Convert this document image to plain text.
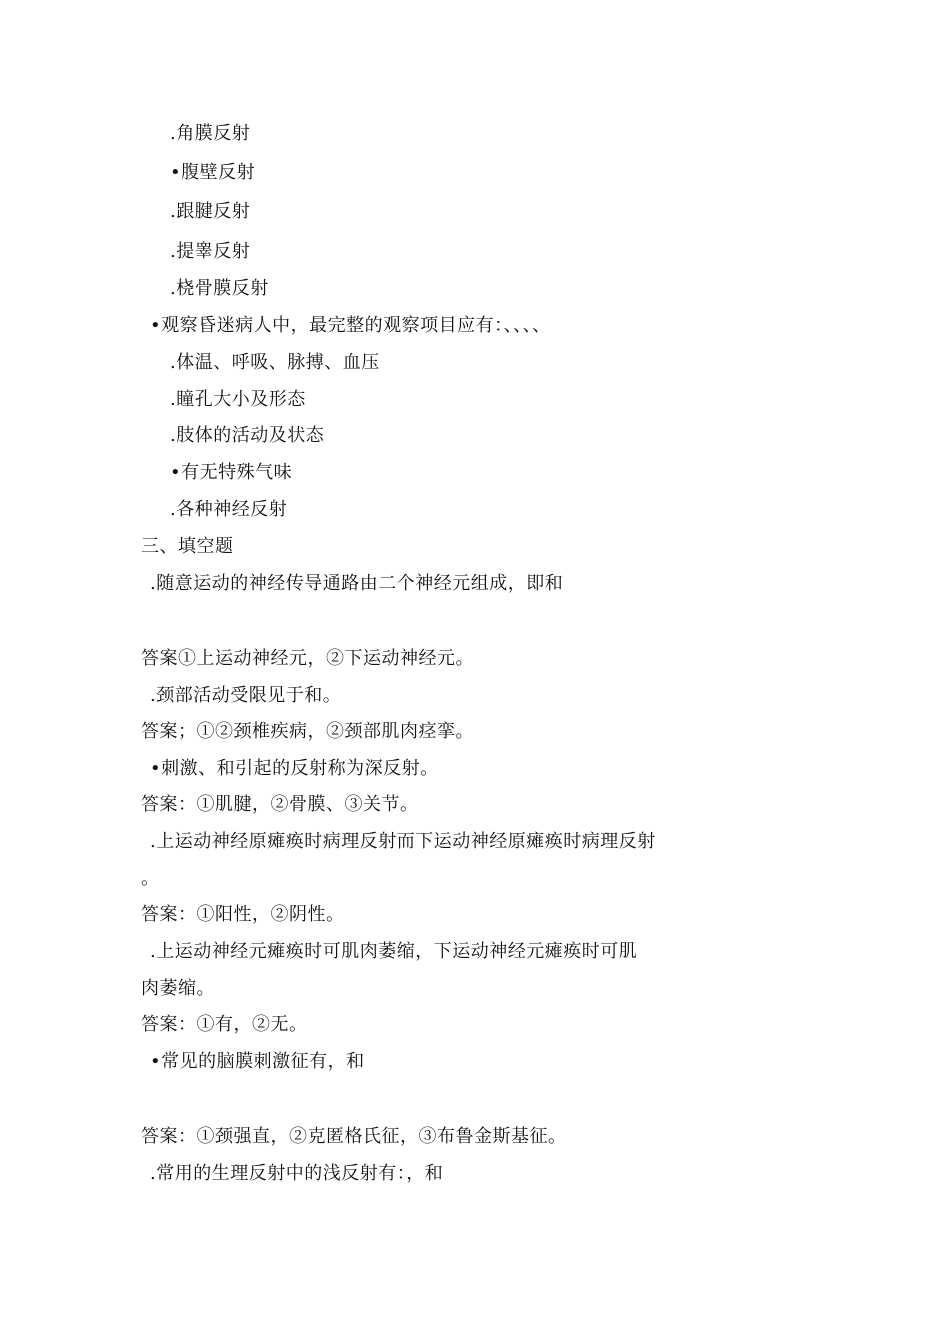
.角膜反射
•腹壁反射
.跟腱反射
.提睾反射
.桡骨膜反射
•观察昏迷病人中，最完整的观察项目应有：、、、、
.体温、呼吸、脉搏、血压
.瞳孔大小及形态
.肢体的活动及状态
•有无特殊气味
.各种神经反射
三、填空题
.随意运动的神经传导通路由二个神经元组成，即和
答案①上运动神经元，②下运动神经元。
.颈部活动受限见于和。
答案；①②颈椎疾病，②颈部肌肉痉挛。
•刺激、和引起的反射称为深反射。
答案：①肌腱，②骨膜、③关节。
.上运动神经原瘫痪时病理反射而下运动神经原瘫痪时病理反射
。
答案：①阳性，②阴性。
.上运动神经元瘫痪时可肌肉萎缩，下运动神经元瘫痪时可肌
肉萎缩。
答案：①有，②无。
•常见的脑膜刺激征有，和
答案：①颈强直，②克匿格氏征，③布鲁金斯基征。
.常用的生理反射中的浅反射有：，和
